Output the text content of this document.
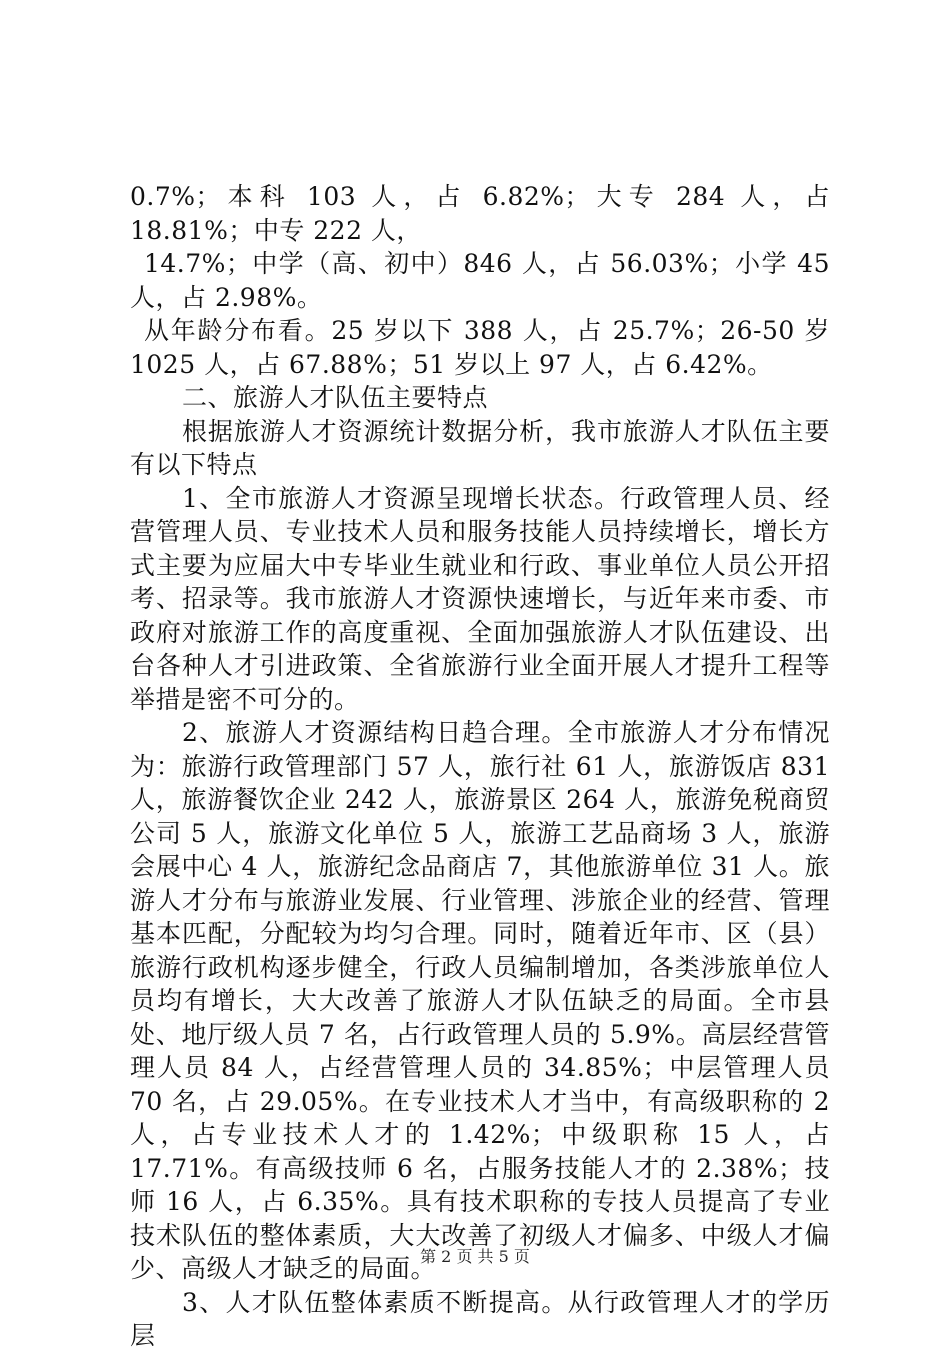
0.7%；本科 103 人，占 6.82%；大专 284 人，占 18.81%；中专 222 人，

14.7%；中学（高、初中）846 人，占 56.03%；小学 45 人，占 2.98%。

从年龄分布看。25 岁以下 388 人，占 25.7%；26-50 岁 1025 人，占 67.88%；51 岁以上 97 人，占 6.42%。

二、旅游人才队伍主要特点

根据旅游人才资源统计数据分析，我市旅游人才队伍主要有以下特点

1、全市旅游人才资源呈现增长状态。行政管理人员、经营管理人员、专业技术人员和服务技能人员持续增长，增长方式主要为应届大中专毕业生就业和行政、事业单位人员公开招考、招录等。我市旅游人才资源快速增长，与近年来市委、市政府对旅游工作的高度重视、全面加强旅游人才队伍建设、出台各种人才引进政策、全省旅游行业全面开展人才提升工程等举措是密不可分的。

2、旅游人才资源结构日趋合理。全市旅游人才分布情况为：旅游行政管理部门 57 人，旅行社 61 人，旅游饭店 831 人，旅游餐饮企业 242 人，旅游景区 264 人，旅游免税商贸公司 5 人，旅游文化单位 5 人，旅游工艺品商场 3 人，旅游会展中心 4 人，旅游纪念品商店 7，其他旅游单位 31 人。旅游人才分布与旅游业发展、行业管理、涉旅企业的经营、管理基本匹配，分配较为均匀合理。同时，随着近年市、区（县）旅游行政机构逐步健全，行政人员编制增加，各类涉旅单位人员均有增长，大大改善了旅游人才队伍缺乏的局面。全市县处、地厅级人员 7 名，占行政管理人员的 5.9%。高层经营管理人员 84 人，占经营管理人员的 34.85%；中层管理人员 70 名，占 29.05%。在专业技术人才当中，有高级职称的 2 人，占专业技术人才的 1.42%；中级职称 15 人，占 17.71%。有高级技师 6 名，占服务技能人才的 2.38%；技师 16 人，占 6.35%。具有技术职称的专技人员提高了专业技术队伍的整体素质，大大改善了初级人才偏多、中级人才偏少、高级人才缺乏的局面。

3、人才队伍整体素质不断提高。从行政管理人才的学历层

第 2 页 共 5 页
